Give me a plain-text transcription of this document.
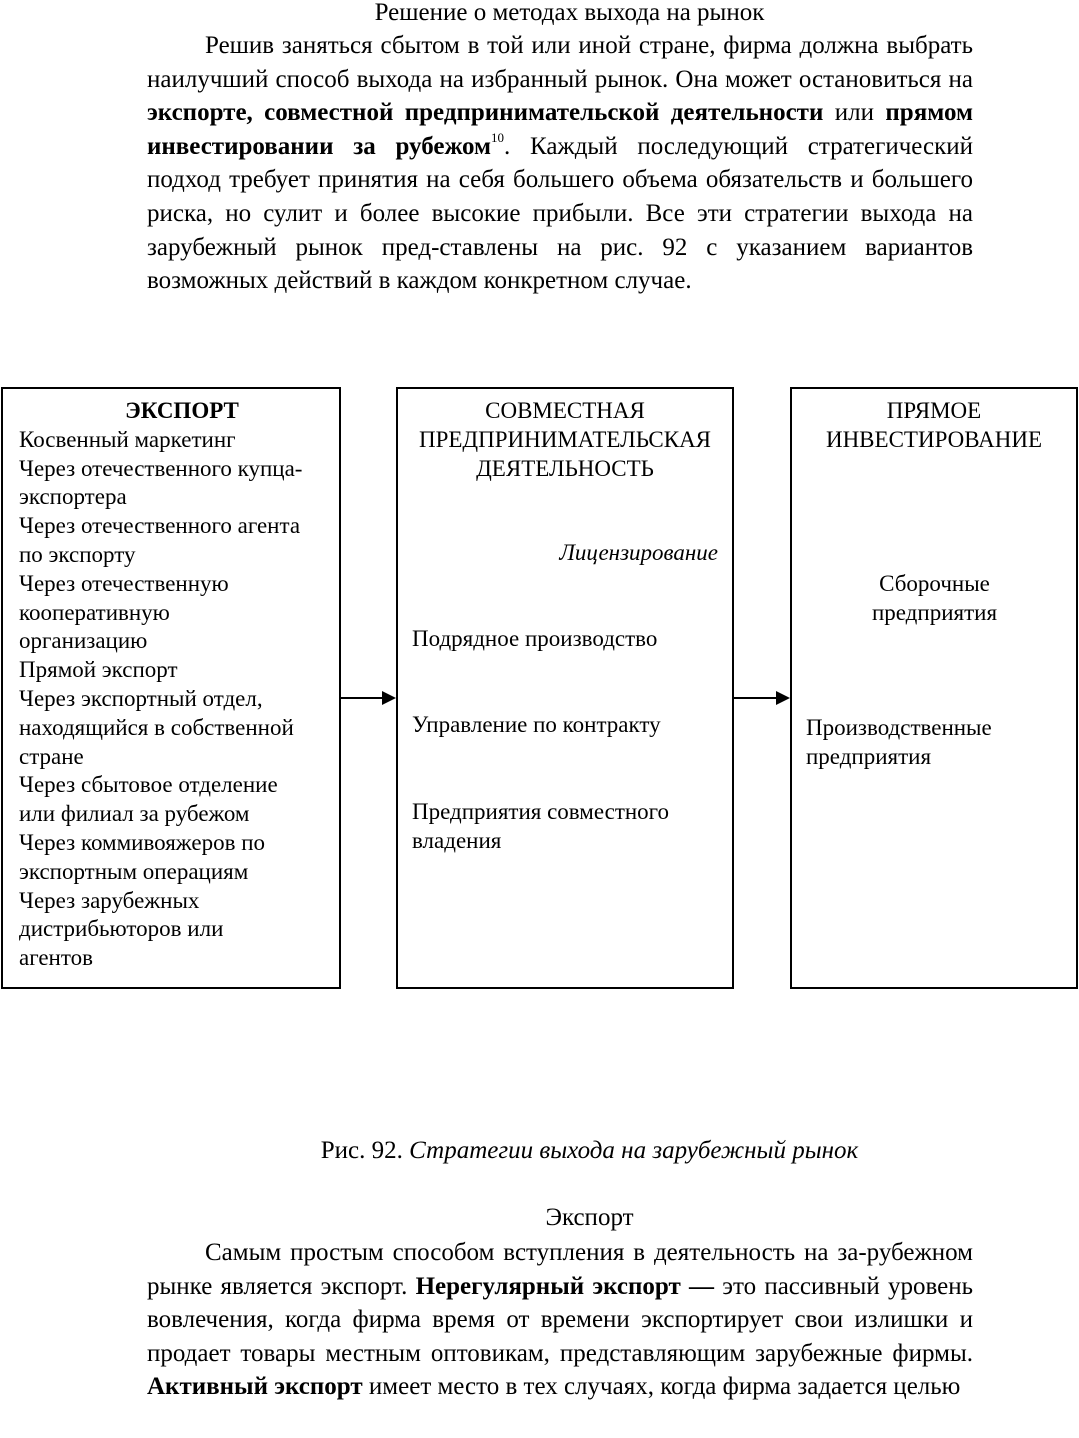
Решение о методах выхода на рынок
Решив заняться сбытом в той или иной стране, фирма должна выбрать наилучший способ выхода на избранный рынок. Она может остановиться на экспорте, совместной предпринимательской деятельности или прямом инвестировании за рубежом$^{10}$. Каждый последующий стратегический подход требует принятия на себя большего объема обязательств и большего риска, но сулит и более высокие прибыли. Все эти стратегии выхода на зарубежный рынок пред-ставлены на рис. 92 с указанием вариантов возможных действий в каждом конкретном случае.
ЭКСПОРТ
Косвенный маркетинг
Через отечественного купца-экспортера
Через отечественного агента по экспорту
Через отечественную кооперативную организацию
Прямой экспорт
Через экспортный отдел, находящийся в собственной стране
Через сбытовое отделение или филиал за рубежом
Через коммивояжеров по экспортным операциям
Через зарубежных дистрибьюторов или агентов
СОВМЕСТНАЯ ПРЕДПРИНИМАТЕЛЬСКАЯ ДЕЯТЕЛЬНОСТЬ
Лицензирование
Подрядное производство
Управление по контракту
Предприятия совместного владения
ПРЯМОЕ ИНВЕСТИРОВАНИЕ
Сборочные предприятия
Производственные предприятия
Рис. 92. Стратегии выхода на зарубежный рынок
Экспорт
Самым простым способом вступления в деятельность на за-рубежном рынке является экспорт. Нерегулярный экспорт — это пассивный уровень вовлечения, когда фирма время от времени экспортирует свои излишки и продает товары местным оптовикам, представляющим зарубежные фирмы. Активный экспорт имеет место в тех случаях, когда фирма задается целью
